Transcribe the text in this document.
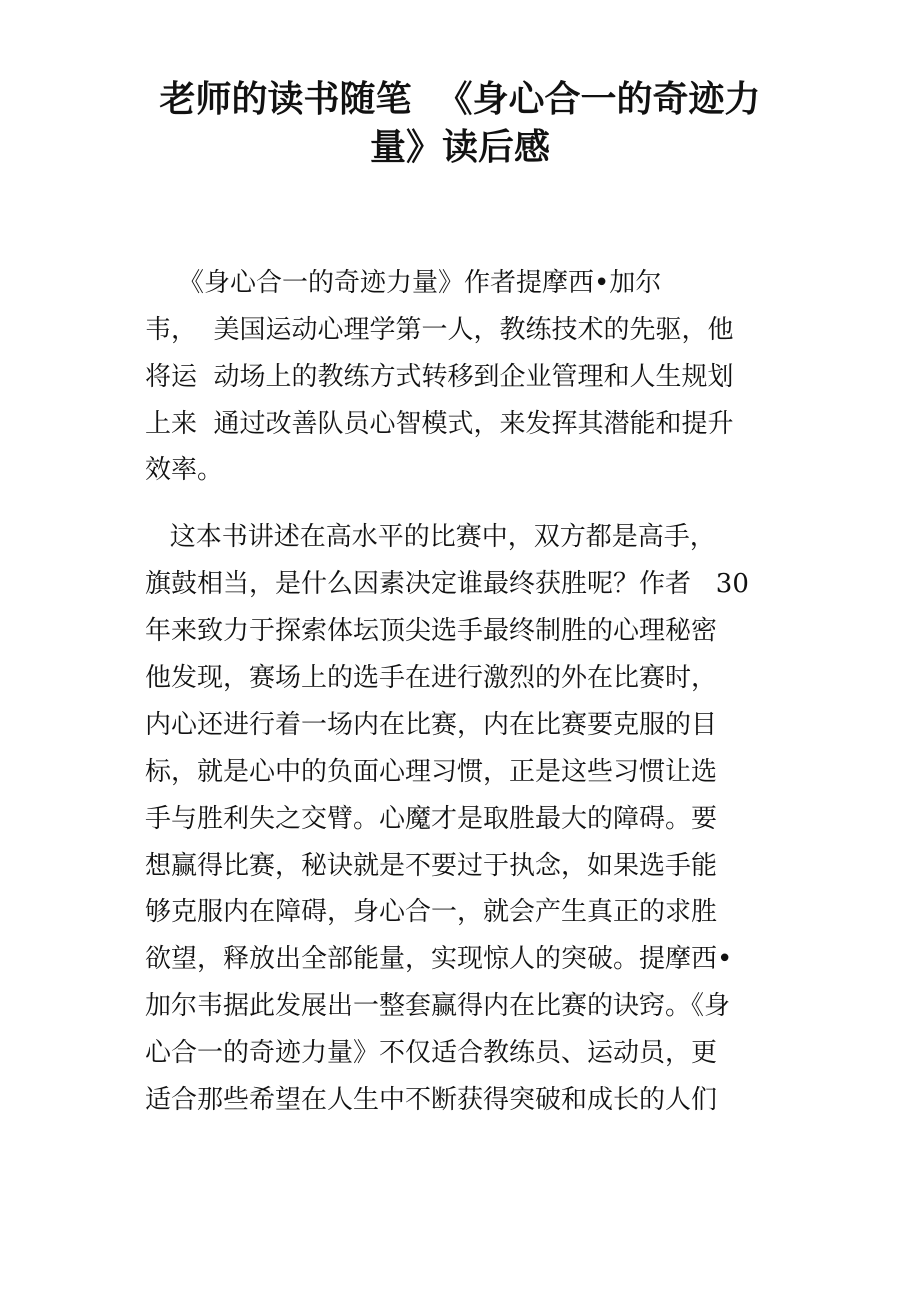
老师的读书随笔  《身心合一的奇迹力
量》读后感
《身心合一的奇迹力量》作者提摩西•加尔
韦，  美国运动心理学第一人，教练技术的先驱，他
将运  动场上的教练方式转移到企业管理和人生规划
上来  通过改善队员心智模式，来发挥其潜能和提升
效率。
这本书讲述在高水平的比赛中，双方都是高手，
旗鼓相当，是什么因素决定谁最终获胜呢？作者   30
年来致力于探索体坛顶尖选手最终制胜的心理秘密
他发现，赛场上的选手在进行激烈的外在比赛时，
内心还进行着一场内在比赛，内在比赛要克服的目
标，就是心中的负面心理习惯，正是这些习惯让选
手与胜利失之交臂。心魔才是取胜最大的障碍。要
想赢得比赛，秘诀就是不要过于执念，如果选手能
够克服内在障碍，身心合一，就会产生真正的求胜
欲望，释放出全部能量，实现惊人的突破。提摩西•
加尔韦据此发展出一整套赢得内在比赛的诀窍。《身
心合一的奇迹力量》不仅适合教练员、运动员，更
适合那些希望在人生中不断获得突破和成长的人们
